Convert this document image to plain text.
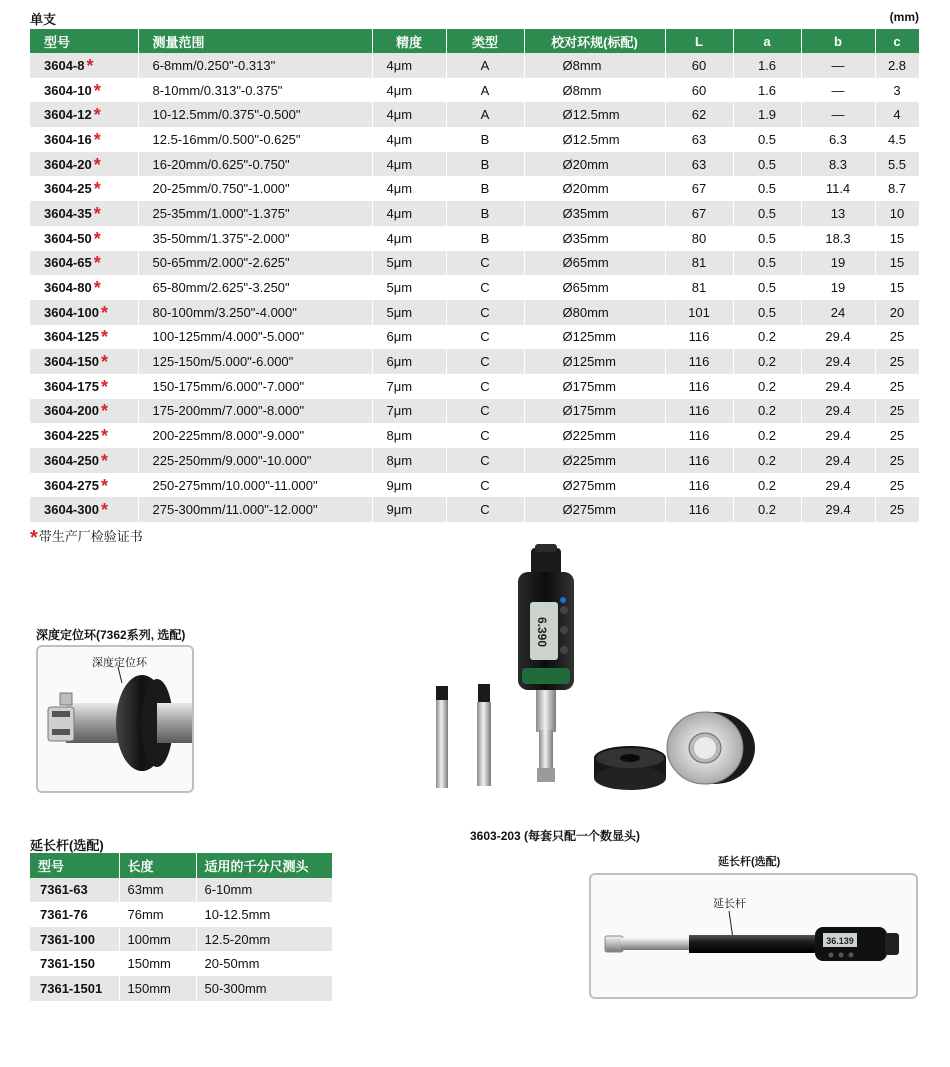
单支	(mm)
型号	测量范围	精度	类型	校对环规(标配)	L	a	b	c
3604-8 *	6-8mm/0.250"-0.313"	4μm	A	Ø8mm	60	1.6	—	2.8
3604-10 *	8-10mm/0.313"-0.375"	4μm	A	Ø8mm	60	1.6	—	3
3604-12 *	10-12.5mm/0.375"-0.500"	4μm	A	Ø12.5mm	62	1.9	—	4
3604-16 *	12.5-16mm/0.500"-0.625"	4μm	B	Ø12.5mm	63	0.5	6.3	4.5
3604-20 *	16-20mm/0.625"-0.750"	4μm	B	Ø20mm	63	0.5	8.3	5.5
3604-25 *	20-25mm/0.750"-1.000"	4μm	B	Ø20mm	67	0.5	11.4	8.7
3604-35 *	25-35mm/1.000"-1.375"	4μm	B	Ø35mm	67	0.5	13	10
3604-50 *	35-50mm/1.375"-2.000"	4μm	B	Ø35mm	80	0.5	18.3	15
3604-65 *	50-65mm/2.000"-2.625"	5μm	C	Ø65mm	81	0.5	19	15
3604-80 *	65-80mm/2.625"-3.250"	5μm	C	Ø65mm	81	0.5	19	15
3604-100 *	80-100mm/3.250"-4.000"	5μm	C	Ø80mm	101	0.5	24	20
3604-125 *	100-125mm/4.000"-5.000"	6μm	C	Ø125mm	116	0.2	29.4	25
3604-150 *	125-150m/5.000"-6.000"	6μm	C	Ø125mm	116	0.2	29.4	25
3604-175 *	150-175mm/6.000"-7.000"	7μm	C	Ø175mm	116	0.2	29.4	25
3604-200 *	175-200mm/7.000"-8.000"	7μm	C	Ø175mm	116	0.2	29.4	25
3604-225 *	200-225mm/8.000"-9.000"	8μm	C	Ø225mm	116	0.2	29.4	25
3604-250 *	225-250mm/9.000"-10.000"	8μm	C	Ø225mm	116	0.2	29.4	25
3604-275 *	250-275mm/10.000"-11.000"	9μm	C	Ø275mm	116	0.2	29.4	25
3604-300 *	275-300mm/11.000"-12.000"	9μm	C	Ø275mm	116	0.2	29.4	25
*带生产厂检验证书
深度定位环(7362系列, 选配)
深度定位环
6.390
3603-203 (每套只配一个数显头)
延长杆(选配)
型号	长度	适用的千分尺测头
7361-63	63mm	6-10mm
7361-76	76mm	10-12.5mm
7361-100	100mm	12.5-20mm
7361-150	150mm	20-50mm
7361-1501	150mm	50-300mm
延长杆(选配)
延长杆
36.139
